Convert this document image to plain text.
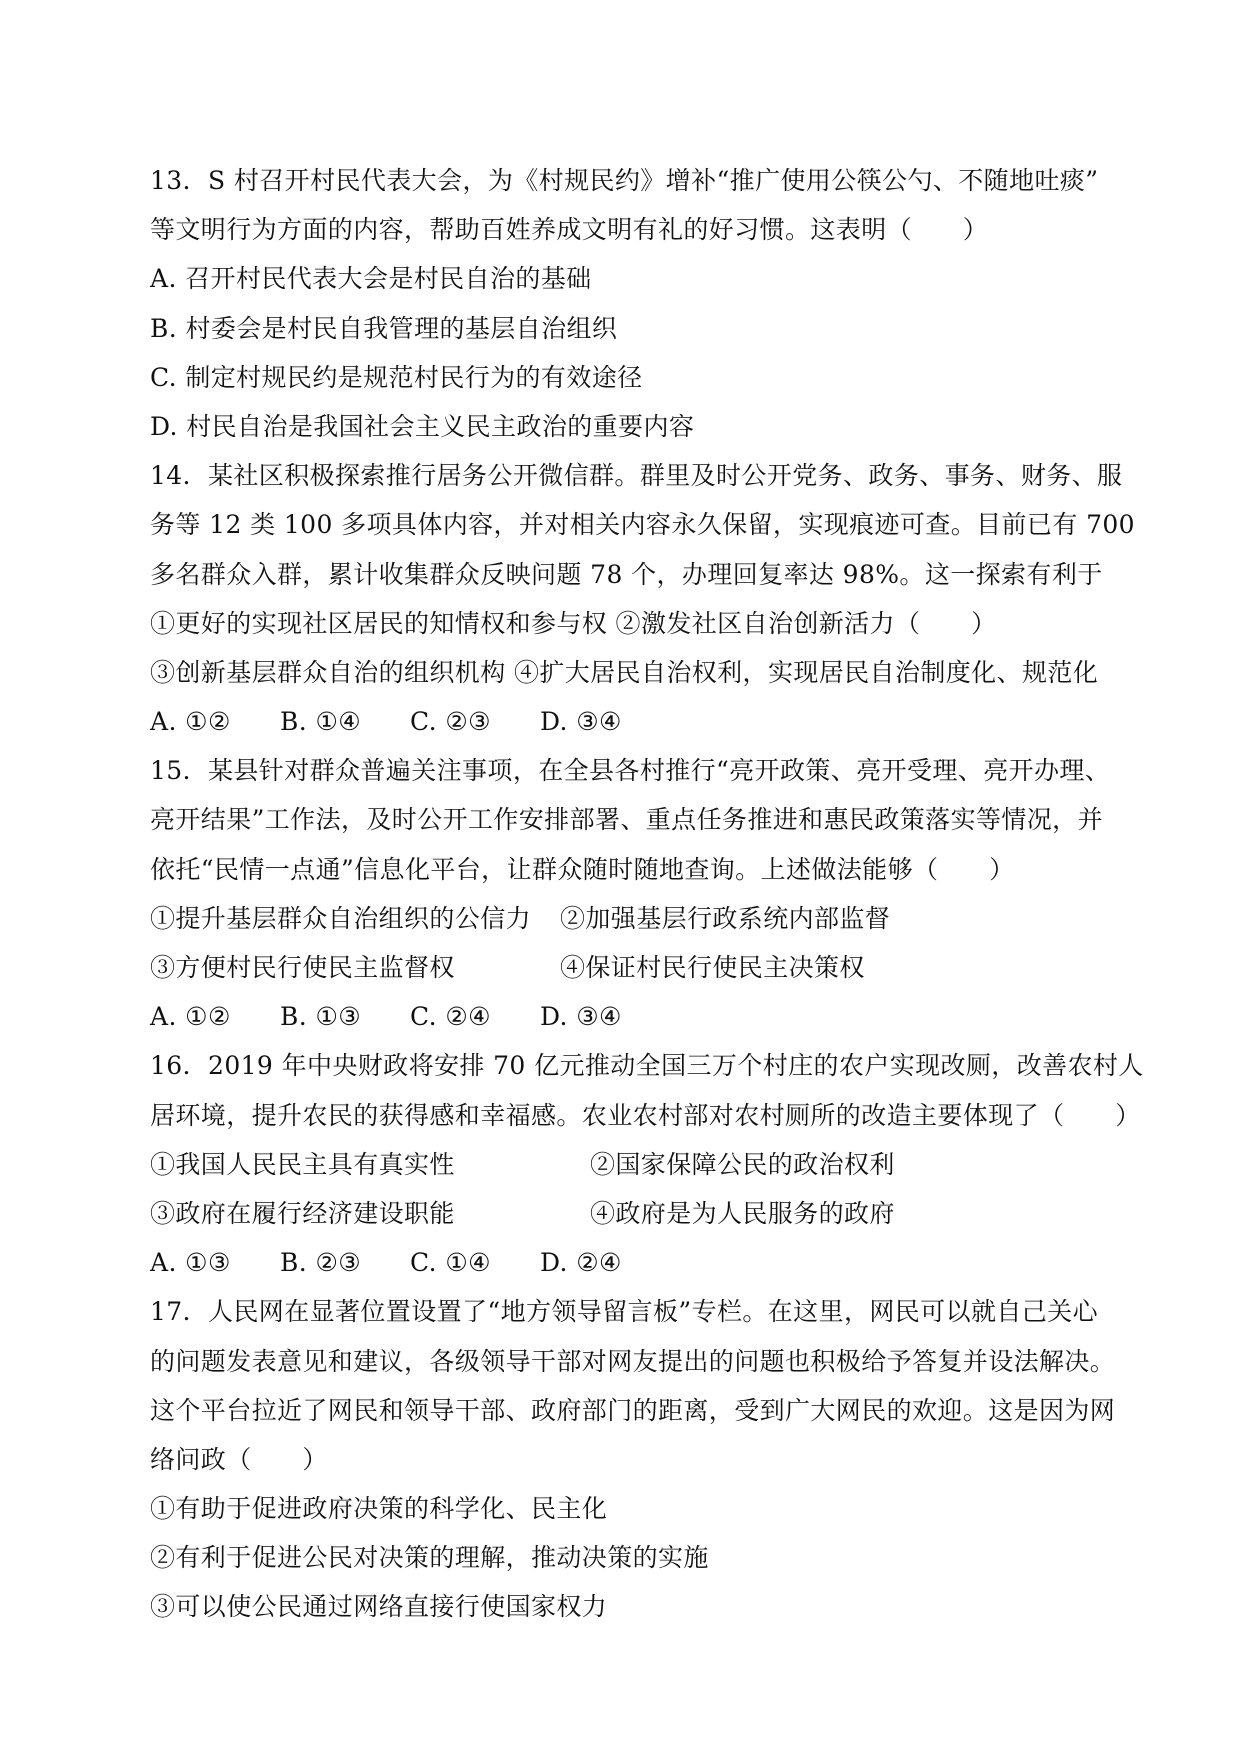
13．S 村召开村民代表大会，为《村规民约》增补“推广使用公筷公勺、不随地吐痰”
等文明行为方面的内容，帮助百姓养成文明有礼的好习惯。这表明（　　）
A. 召开村民代表大会是村民自治的基础
B. 村委会是村民自我管理的基层自治组织
C. 制定村规民约是规范村民行为的有效途径
D. 村民自治是我国社会主义民主政治的重要内容
14．某社区积极探索推行居务公开微信群。群里及时公开党务、政务、事务、财务、服
务等 12 类 100 多项具体内容，并对相关内容永久保留，实现痕迹可查。目前已有 700
多名群众入群，累计收集群众反映问题 78 个，办理回复率达 98%。这一探索有利于
①更好的实现社区居民的知情权和参与权 ②激发社区自治创新活力（　　）
③创新基层群众自治的组织机构 ④扩大居民自治权利，实现居民自治制度化、规范化
A. ①② B. ①④ C. ②③ D. ③④
15．某县针对群众普遍关注事项，在全县各村推行“亮开政策、亮开受理、亮开办理、
亮开结果”工作法，及时公开工作安排部署、重点任务推进和惠民政策落实等情况，并
依托“民情一点通”信息化平台，让群众随时随地查询。上述做法能够（　　）
①提升基层群众自治组织的公信力	②加强基层行政系统内部监督
③方便村民行使民主监督权	④保证村民行使民主决策权
A. ①② B. ①③ C. ②④ D. ③④
16．2019 年中央财政将安排 70 亿元推动全国三万个村庄的农户实现改厕，改善农村人
居环境，提升农民的获得感和幸福感。农业农村部对农村厕所的改造主要体现了（　　）
①我国人民民主具有真实性	②国家保障公民的政治权利
③政府在履行经济建设职能	④政府是为人民服务的政府
A. ①③ B. ②③ C. ①④ D. ②④
17．人民网在显著位置设置了“地方领导留言板”专栏。在这里，网民可以就自己关心
的问题发表意见和建议，各级领导干部对网友提出的问题也积极给予答复并设法解决。
这个平台拉近了网民和领导干部、政府部门的距离，受到广大网民的欢迎。这是因为网
络问政（　　）
①有助于促进政府决策的科学化、民主化
②有利于促进公民对决策的理解，推动决策的实施
③可以使公民通过网络直接行使国家权力
